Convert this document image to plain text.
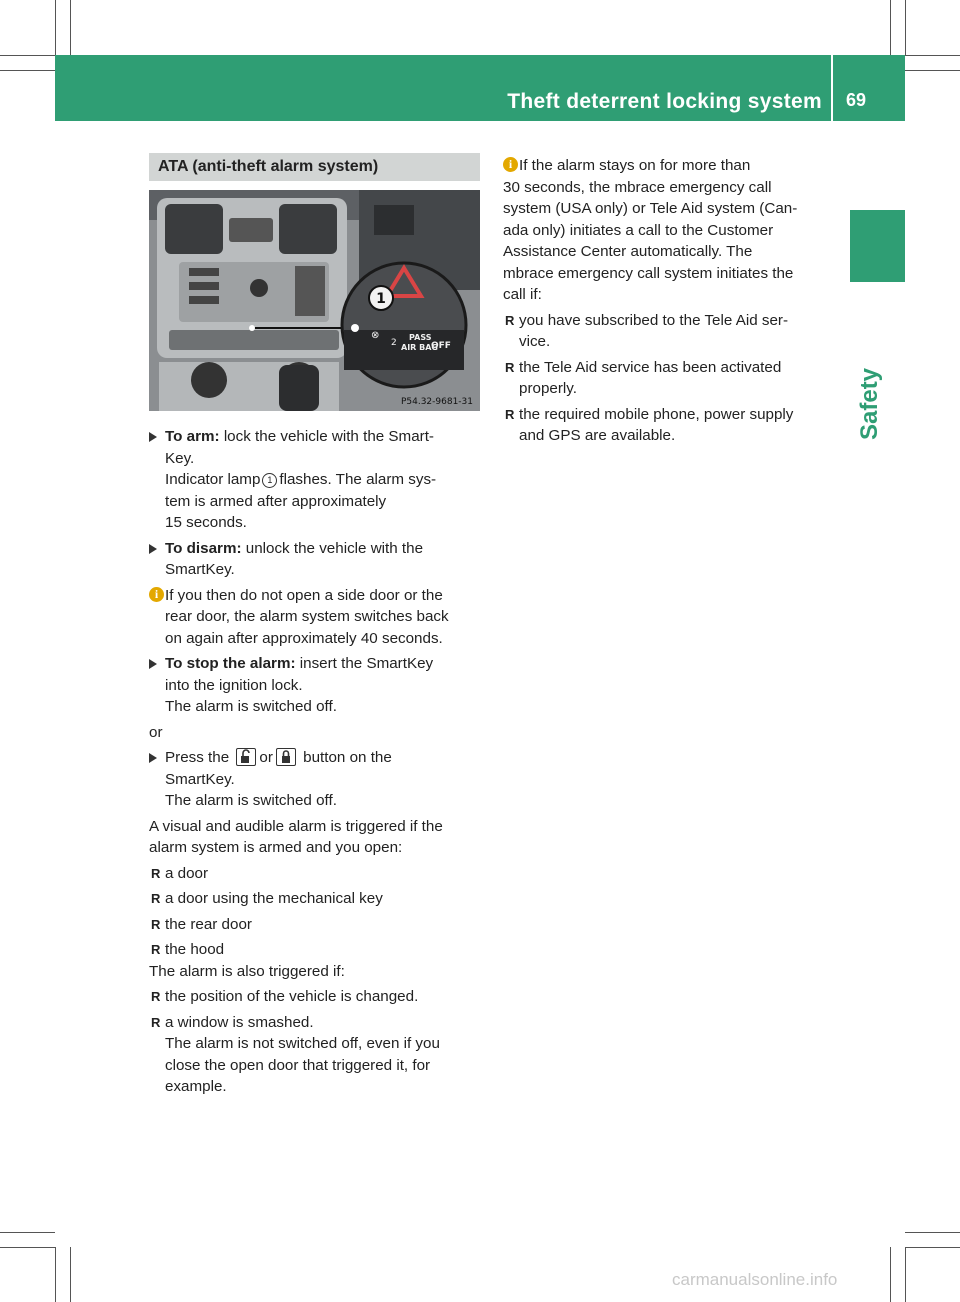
Theft deterrent locking system 69
Safety
ATA (anti-theft alarm system)
1
⊗
2
PASS
AIR BAG
OFF
P54.32-9681-31
To arm: lock the vehicle with the Smart-
Key.
Indicator lamp 1 flashes. The alarm sys-
tem is armed after approximately
15 seconds.
To disarm: unlock the vehicle with the
SmartKey.
i If you then do not open a side door or the
rear door, the alarm system switches back
on again after approximately 40 seconds.
To stop the alarm: insert the SmartKey
into the ignition lock.
The alarm is switched off.
or
Press the or button on the
SmartKey.
The alarm is switched off.
A visual and audible alarm is triggered if the
alarm system is armed and you open:
R a door
R a door using the mechanical key
R the rear door
R the hood
The alarm is also triggered if:
R the position of the vehicle is changed.
R a window is smashed.
The alarm is not switched off, even if you
close the open door that triggered it, for
example.
i If the alarm stays on for more than
30 seconds, the mbrace emergency call
system (USA only) or Tele Aid system (Can-
ada only) initiates a call to the Customer
Assistance Center automatically. The
mbrace emergency call system initiates the
call if:
R you have subscribed to the Tele Aid ser-
vice.
R the Tele Aid service has been activated
properly.
R the required mobile phone, power supply
and GPS are available.
carmanualsonline.info
